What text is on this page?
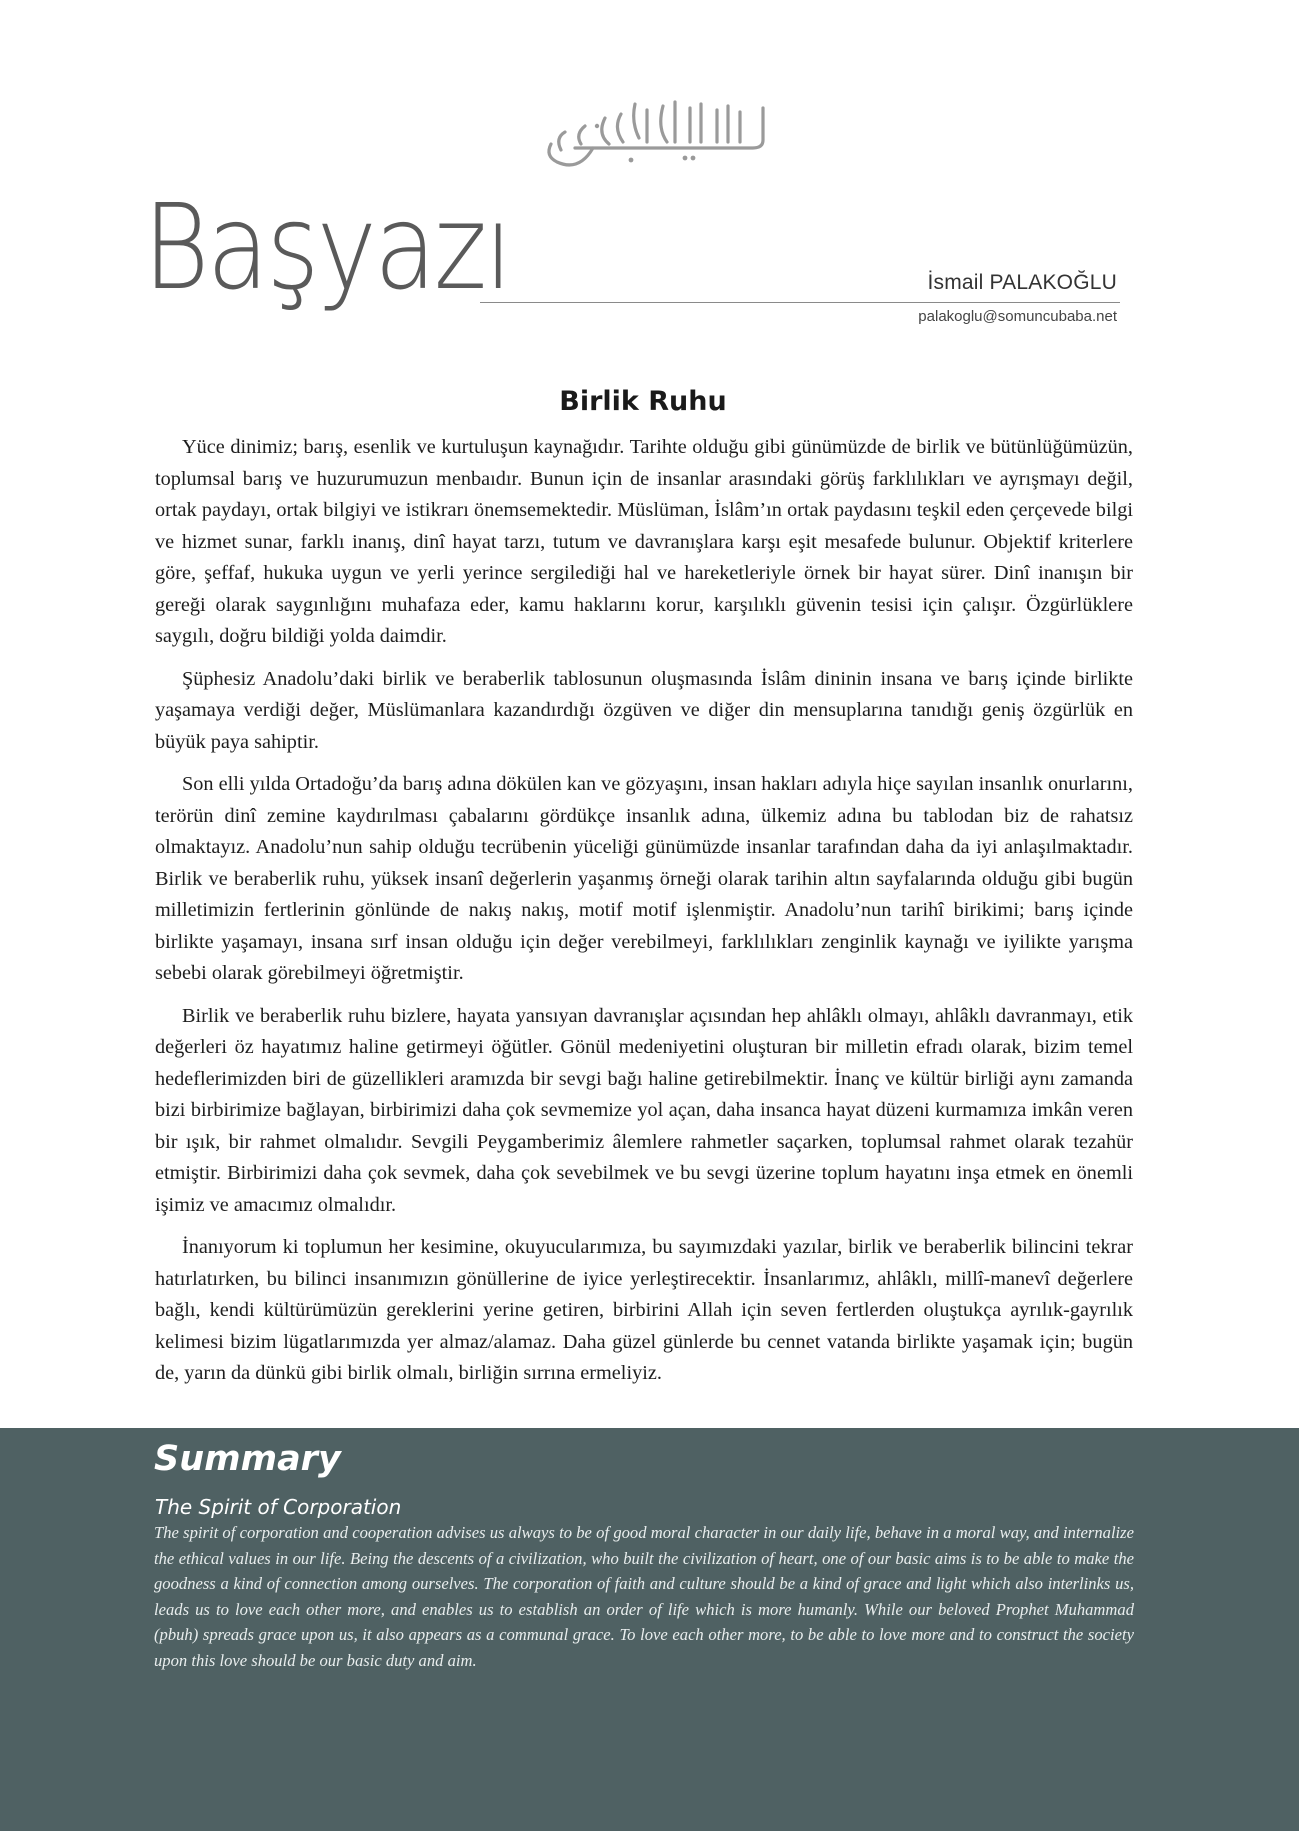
Başyazı	İsmail PALAKOĞLU
palakoglu@somuncubaba.net
Birlik Ruhu

Yüce dinimiz; barış, esenlik ve kurtuluşun kaynağıdır. Tarihte olduğu gibi günümüzde de birlik ve bütünlüğümüzün, toplumsal barış ve huzurumuzun menbaıdır. Bunun için de insanlar arasındaki görüş farklılıkları ve ayrışmayı değil, ortak paydayı, ortak bilgiyi ve istikrarı önemsemektedir. Müslüman, İslâm’ın ortak paydasını teşkil eden çerçevede bilgi ve hizmet sunar, farklı inanış, dinî hayat tarzı, tutum ve davranışlara karşı eşit mesafede bulunur. Objektif kriterlere göre, şeffaf, hukuka uygun ve yerli yerince sergilediği hal ve hareketleriyle örnek bir hayat sürer. Dinî inanışın bir gereği olarak saygınlığını muhafaza eder, kamu haklarını korur, karşılıklı güvenin tesisi için çalışır. Özgürlüklere saygılı, doğru bildiği yolda daimdir.

Şüphesiz Anadolu’daki birlik ve beraberlik tablosunun oluşmasında İslâm dininin insana ve barış içinde birlikte yaşamaya verdiği değer, Müslümanlara kazandırdığı özgüven ve diğer din mensuplarına tanıdığı geniş özgürlük en büyük paya sahiptir.

Son elli yılda Ortadoğu’da barış adına dökülen kan ve gözyaşını, insan hakları adıyla hiçe sayılan insanlık onurlarını, terörün dinî zemine kaydırılması çabalarını gördükçe insanlık adına, ülkemiz adına bu tablodan biz de rahatsız olmaktayız. Anadolu’nun sahip olduğu tecrübenin yüceliği günümüzde insanlar tarafından daha da iyi anlaşılmaktadır. Birlik ve beraberlik ruhu, yüksek insanî değerlerin yaşanmış örneği olarak tarihin altın sayfalarında olduğu gibi bugün milletimizin fertlerinin gönlünde de nakış nakış, motif motif işlenmiştir. Anadolu’nun tarihî birikimi; barış içinde birlikte yaşamayı, insana sırf insan olduğu için değer verebilmeyi, farklılıkları zenginlik kaynağı ve iyilikte yarışma sebebi olarak görebilmeyi öğretmiştir.

Birlik ve beraberlik ruhu bizlere, hayata yansıyan davranışlar açısından hep ahlâklı olmayı, ahlâklı davranmayı, etik değerleri öz hayatımız haline getirmeyi öğütler. Gönül medeniyetini oluşturan bir milletin efradı olarak, bizim temel hedeflerimizden biri de güzellikleri aramızda bir sevgi bağı haline getirebilmektir. İnanç ve kültür birliği aynı zamanda bizi birbirimize bağlayan, birbirimizi daha çok sevmemize yol açan, daha insanca hayat düzeni kurmamıza imkân veren bir ışık, bir rahmet olmalıdır. Sevgili Peygamberimiz âlemlere rahmetler saçarken, toplumsal rahmet olarak tezahür etmiştir. Birbirimizi daha çok sevmek, daha çok sevebilmek ve bu sevgi üzerine toplum hayatını inşa etmek en önemli işimiz ve amacımız olmalıdır.

İnanıyorum ki toplumun her kesimine, okuyucularımıza, bu sayımızdaki yazılar, birlik ve beraberlik bilincini tekrar hatırlatırken, bu bilinci insanımızın gönüllerine de iyice yerleştirecektir. İnsanlarımız, ahlâklı, millî-manevî değerlere bağlı, kendi kültürümüzün gereklerini yerine getiren, birbirini Allah için seven fertlerden oluştukça ayrılık-gayrılık kelimesi bizim lügatlarımızda yer almaz/alamaz. Daha güzel günlerde bu cennet vatanda birlikte yaşamak için; bugün de, yarın da dünkü gibi birlik olmalı, birliğin sırrına ermeliyiz.

Summary
The Spirit of Corporation

The spirit of corporation and cooperation advises us always to be of good moral character in our daily life, behave in a moral way, and internalize the ethical values in our life. Being the descents of a civilization, who built the civilization of heart, one of our basic aims is to be able to make the goodness a kind of connection among ourselves. The corporation of faith and culture should be a kind of grace and light which also interlinks us, leads us to love each other more, and enables us to establish an order of life which is more humanly. While our beloved Prophet Muhammad (pbuh) spreads grace upon us, it also appears as a communal grace. To love each other more, to be able to love more and to construct the society upon this love should be our basic duty and aim.
